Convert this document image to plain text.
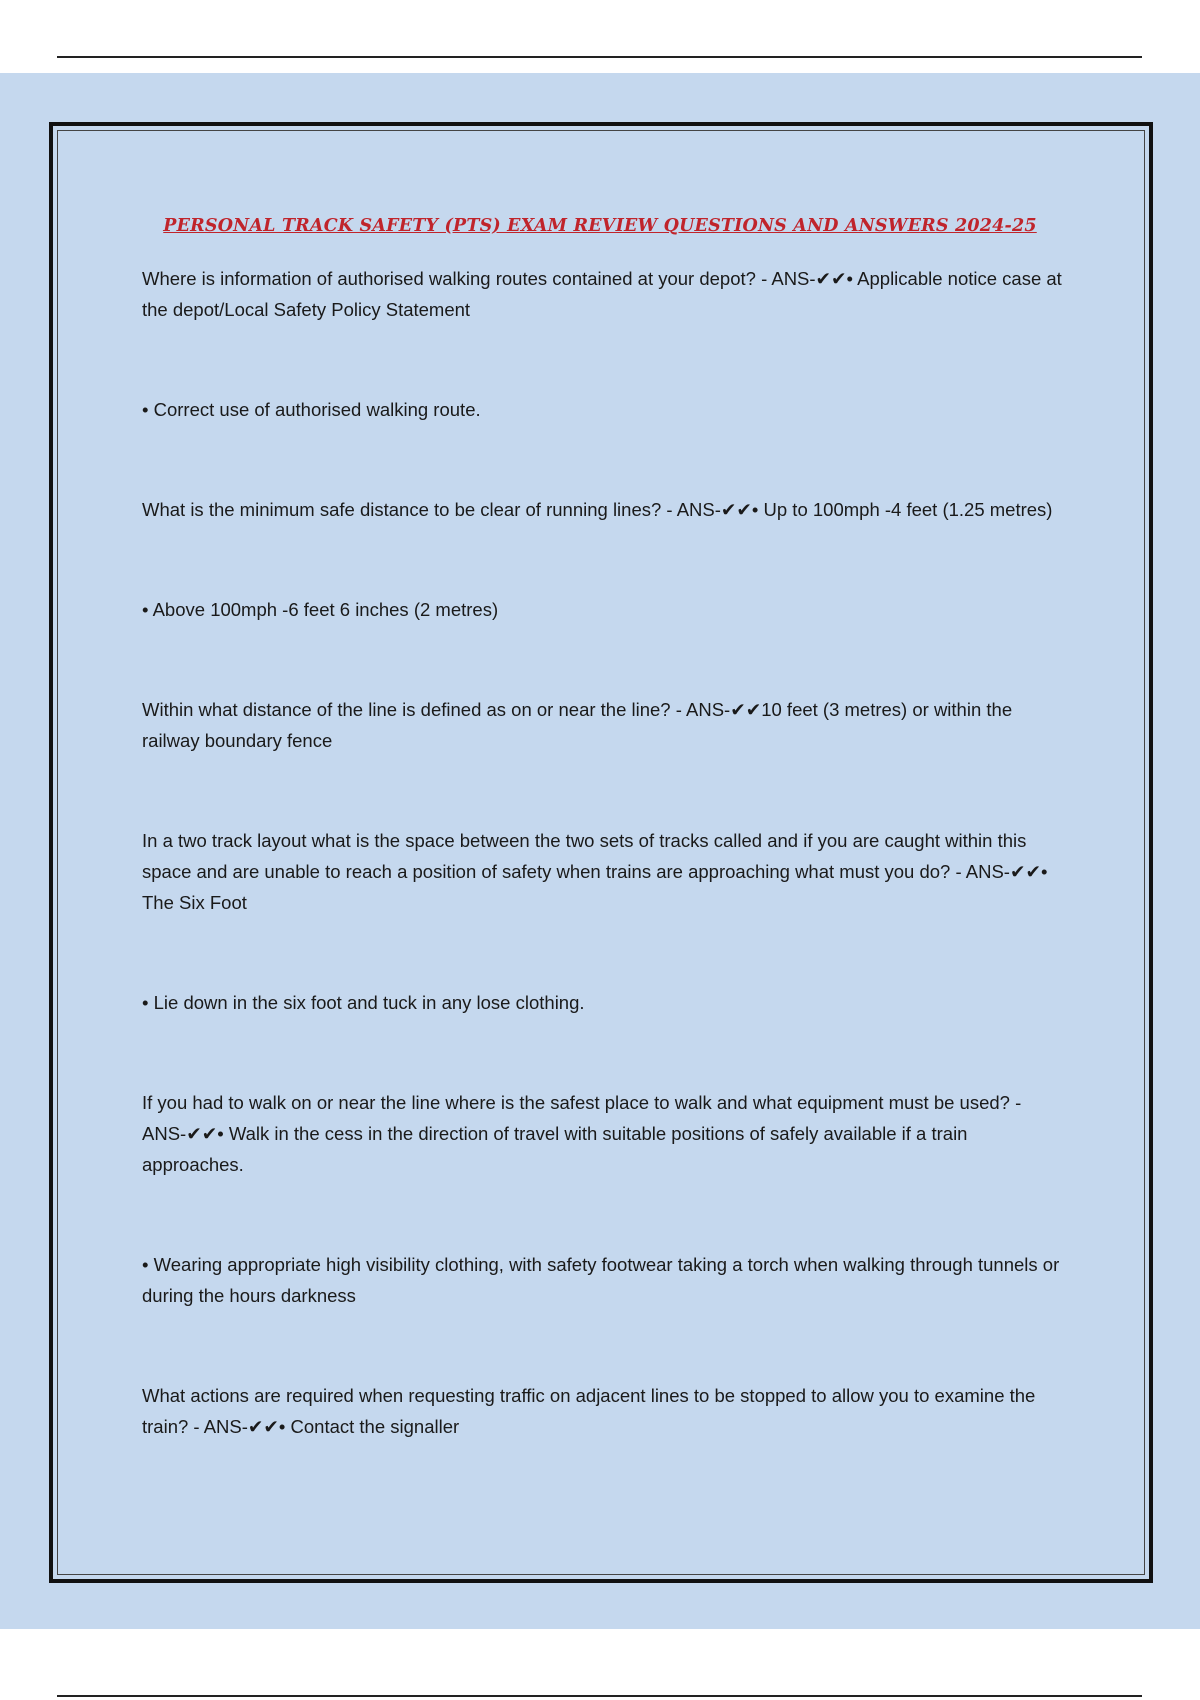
PERSONAL TRACK SAFETY (PTS) EXAM REVIEW QUESTIONS AND ANSWERS 2024-25

Where is information of authorised walking routes contained at your depot? - ANS-✔✔• Applicable notice case at the depot/Local Safety Policy Statement

• Correct use of authorised walking route.

What is the minimum safe distance to be clear of running lines? - ANS-✔✔• Up to 100mph -4 feet (1.25 metres)

• Above 100mph -6 feet 6 inches (2 metres)

Within what distance of the line is defined as on or near the line? - ANS-✔✔10 feet (3 metres) or within the railway boundary fence

In a two track layout what is the space between the two sets of tracks called and if you are caught within this space and are unable to reach a position of safety when trains are approaching what must you do? - ANS-✔✔• The Six Foot

• Lie down in the six foot and tuck in any lose clothing.

If you had to walk on or near the line where is the safest place to walk and what equipment must be used? - ANS-✔✔• Walk in the cess in the direction of travel with suitable positions of safely available if a train approaches.

• Wearing appropriate high visibility clothing, with safety footwear taking a torch when walking through tunnels or during the hours darkness

What actions are required when requesting traffic on adjacent lines to be stopped to allow you to examine the train? - ANS-✔✔• Contact the signaller
